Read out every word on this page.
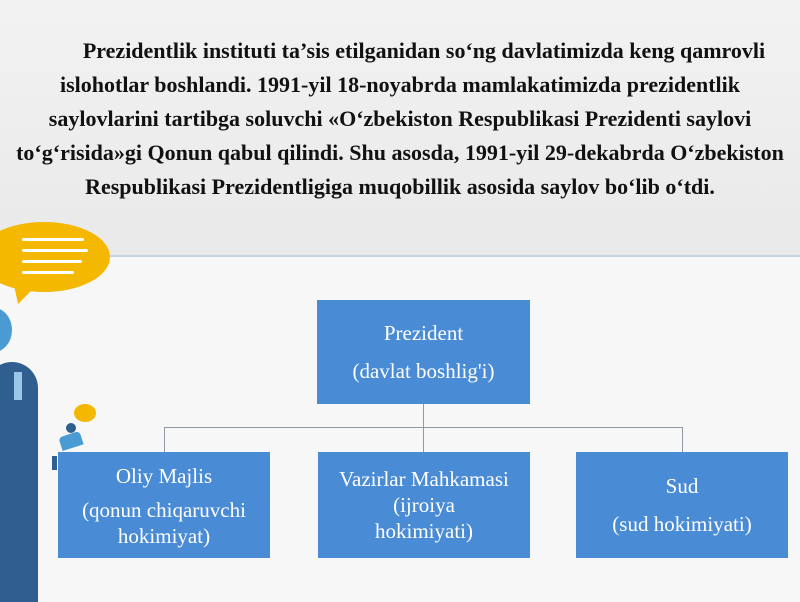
Prezidentlik instituti ta’sis etilganidan so‘ng davlatimizda keng qamrovli islohotlar boshlandi. 1991-yil 18-noyabrda mamlakatimizda prezidentlik saylovlarini tartibga soluvchi «O‘zbekiston Respublikasi Prezidenti saylovi to‘g‘risida»gi Qonun qabul qilindi. Shu asosda, 1991-yil 29-dekabrda O‘zbekiston Respublikasi Prezidentligiga muqobillik asosida saylov bo‘lib o‘tdi.

Prezident
(davlat boshlig'i)
Oliy Majlis
(qonun chiqaruvchi hokimiyat)
Vazirlar Mahkamasi (ijroiya
hokimiyati)
Sud
(sud hokimiyati)
